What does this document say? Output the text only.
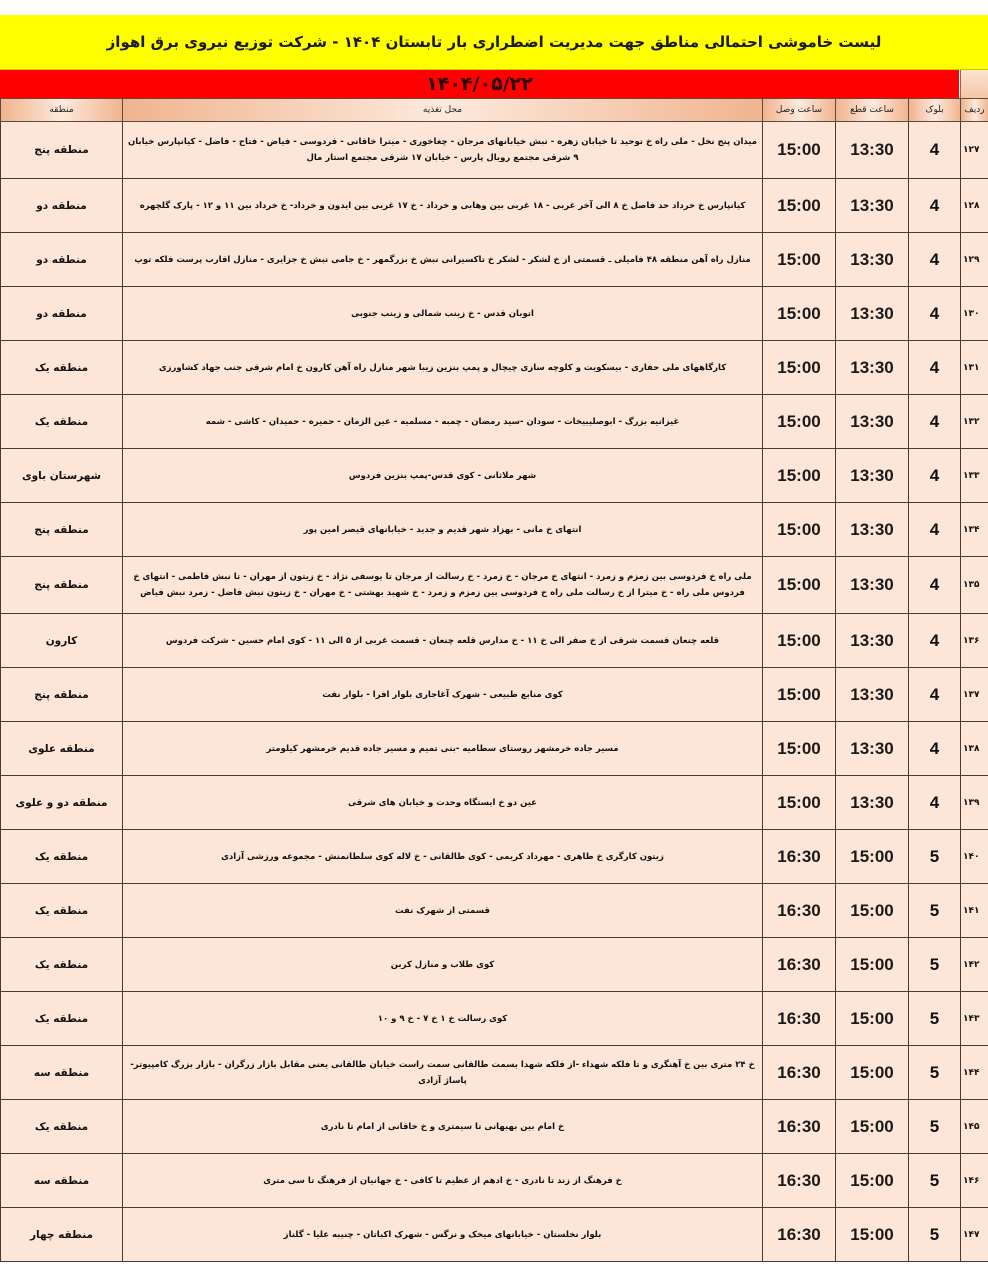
لیست خاموشی احتمالی مناطق جهت مدیریت اضطراری بار تابستان ۱۴۰۴ - شرکت توزیع نیروی برق اهواز
۱۴۰۴/۰۵/۲۲
منطقه	محل تغذیه	ساعت وصل	ساعت قطع	بلوک	ردیف
منطقه پنج	میدان پنج نخل - ملی راه خ توحید تا خیابان زهره - نبش خیابانهای مرجان - چغاخوری - میترا خاقانی - فردوسی - فیاض - فتاح - فاضل - کیانپارس خیابان ۹ شرقی مجتمع رویال پارس - خیابان ۱۷ شرقی مجتمع استار مال	15:00	13:30	4	۱۲۷
منطقه دو	کیانپارس خ خرداد حد فاصل خ ۸ الی آخر غربی - ۱۸ غربی بین وهابی و خرداد - خ ۱۷ غربی بین ایدون و خرداد- خ خرداد بین ۱۱ و ۱۲ - پارک گلچهره	15:00	13:30	4	۱۲۸
منطقه دو	منازل راه آهن منطقه ۴۸ فامیلی ـ قسمتی از خ لشکر - لشکر خ تاکسیرانی نبش خ بزرگمهر - خ جامی نبش خ جزایری - منازل اقارب پرست فلکه توپ	15:00	13:30	4	۱۲۹
منطقه دو	اتوبان قدس - خ زینب شمالی و زینب جنوبی	15:00	13:30	4	۱۳۰
منطقه یک	کارگاههای ملی حفاری - بیسکویت و کلوچه سازی چیچال و پمپ بنزین زیبا شهر منازل راه آهن کارون خ امام شرقی جنب جهاد کشاورزی	15:00	13:30	4	۱۳۱
منطقه یک	غیزانیه بزرگ - ابوصلیبیخات - سودان -سید رمضان - چمبه - مسلمیه - عین الزمان - حمیره - حمیدان - کاشی - شمه	15:00	13:30	4	۱۳۲
شهرستان باوی	شهر ملاثانی - کوی قدس-پمپ بنزین فردوس	15:00	13:30	4	۱۳۳
منطقه پنج	انتهای خ مانی - بهزاد شهر قدیم و جدید - خیابانهای قیصر امین پور	15:00	13:30	4	۱۳۴
منطقه پنج	ملی راه خ فردوسی بین زمزم و زمرد - انتهای خ مرجان - خ زمرد - خ رسالت از مرجان تا یوسفی نژاد - خ زیتون از مهران - تا نبش فاطمی - انتهای خ فردوس ملی راه - خ میترا از خ رسالت ملی راه خ فردوسی بین زمزم و زمرد - خ شهید بهشتی - خ مهران - خ زیتون نبش فاضل - زمرد نبش فیاض	15:00	13:30	4	۱۳۵
کارون	قلعه چنعان قسمت شرقی از خ صفر الی خ ۱۱ - خ مدارس قلعه چنعان - قسمت غربی از ۵ الی ۱۱ - کوی امام حسین - شرکت فردوس	15:00	13:30	4	۱۳۶
منطقه پنج	کوی منابع طبیعی - شهرک آغاجاری بلوار افرا - بلوار نفت	15:00	13:30	4	۱۳۷
منطقه علوی	مسیر جاده خرمشهر روستای سطامیه -بنی تمیم و مسیر جاده قدیم خرمشهر کیلومتر	15:00	13:30	4	۱۳۸
منطقه دو و علوی	عین دو خ ایستگاه وحدت و خیابان های شرقی	15:00	13:30	4	۱۳۹
منطقه یک	زیتون کارگری خ طاهری - مهرداد کریمی - کوی طالقانی - خ لاله کوی سلطانمنش - مجموعه ورزشی آزادی	16:30	15:00	5	۱۴۰
منطقه یک	قسمتی از شهرک نفت	16:30	15:00	5	۱۴۱
منطقه یک	کوی طلاب و منازل کربن	16:30	15:00	5	۱۴۲
منطقه یک	کوی رسالت خ ۱ خ ۷ - خ ۹ و ۱۰	16:30	15:00	5	۱۴۳
منطقه سه	خ ۲۴ متری بین خ آهنگری و تا فلکه شهداء -از فلکه شهدا بسمت طالقانی سمت راست خیابان طالقانی یعنی مقابل بازار زرگران - بازار بزرگ کامپیوتر- پاساژ آزادی	16:30	15:00	5	۱۴۴
منطقه یک	خ امام بین بهبهانی تا سیمتری و خ خاقانی از امام تا نادری	16:30	15:00	5	۱۴۵
منطقه سه	خ فرهنگ از زند تا نادری - خ ادهم از عظیم تا کافی - خ جهانیان از فرهنگ تا سی متری	16:30	15:00	5	۱۴۶
منطقه چهار	بلوار نخلستان - خیابانهای میخک و نرگس - شهرک اکباتان - چنیبه علیا - گلناز	16:30	15:00	5	۱۴۷
